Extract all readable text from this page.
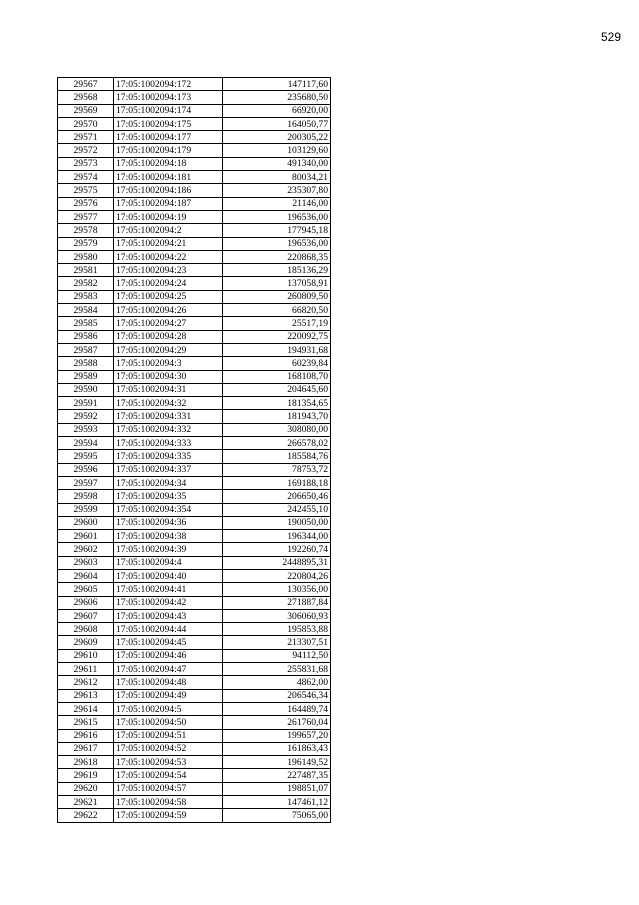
529
29567	17:05:1002094:172	147117,60
29568	17:05:1002094:173	235680,50
29569	17:05:1002094:174	66920,00
29570	17:05:1002094:175	164050,77
29571	17:05:1002094:177	200305,22
29572	17:05:1002094:179	103129,60
29573	17:05:1002094:18	491340,00
29574	17:05:1002094:181	80034,21
29575	17:05:1002094:186	235307,80
29576	17:05:1002094:187	21146,00
29577	17:05:1002094:19	196536,00
29578	17:05:1002094:2	177945,18
29579	17:05:1002094:21	196536,00
29580	17:05:1002094:22	220868,35
29581	17:05:1002094:23	185136,29
29582	17:05:1002094:24	137058,91
29583	17:05:1002094:25	260809,50
29584	17:05:1002094:26	66820,50
29585	17:05:1002094:27	25517,19
29586	17:05:1002094:28	220092,75
29587	17:05:1002094:29	194931,68
29588	17:05:1002094:3	60239,84
29589	17:05:1002094:30	168108,70
29590	17:05:1002094:31	204645,60
29591	17:05:1002094:32	181354,65
29592	17:05:1002094:331	181943,70
29593	17:05:1002094:332	308080,00
29594	17:05:1002094:333	266578,02
29595	17:05:1002094:335	185584,76
29596	17:05:1002094:337	78753,72
29597	17:05:1002094:34	169188,18
29598	17:05:1002094:35	206650,46
29599	17:05:1002094:354	242455,10
29600	17:05:1002094:36	190050,00
29601	17:05:1002094:38	196344,00
29602	17:05:1002094:39	192260,74
29603	17:05:1002094:4	2448895,31
29604	17:05:1002094:40	220804,26
29605	17:05:1002094:41	130356,00
29606	17:05:1002094:42	271887,84
29607	17:05:1002094:43	306060,93
29608	17:05:1002094:44	195853,88
29609	17:05:1002094:45	213307,51
29610	17:05:1002094:46	94112,50
29611	17:05:1002094:47	255831,68
29612	17:05:1002094:48	4862,00
29613	17:05:1002094:49	206546,34
29614	17:05:1002094:5	164489,74
29615	17:05:1002094:50	261760,04
29616	17:05:1002094:51	199657,20
29617	17:05:1002094:52	161863,43
29618	17:05:1002094:53	196149,52
29619	17:05:1002094:54	227487,35
29620	17:05:1002094:57	198851,07
29621	17:05:1002094:58	147461,12
29622	17:05:1002094:59	75065,00
